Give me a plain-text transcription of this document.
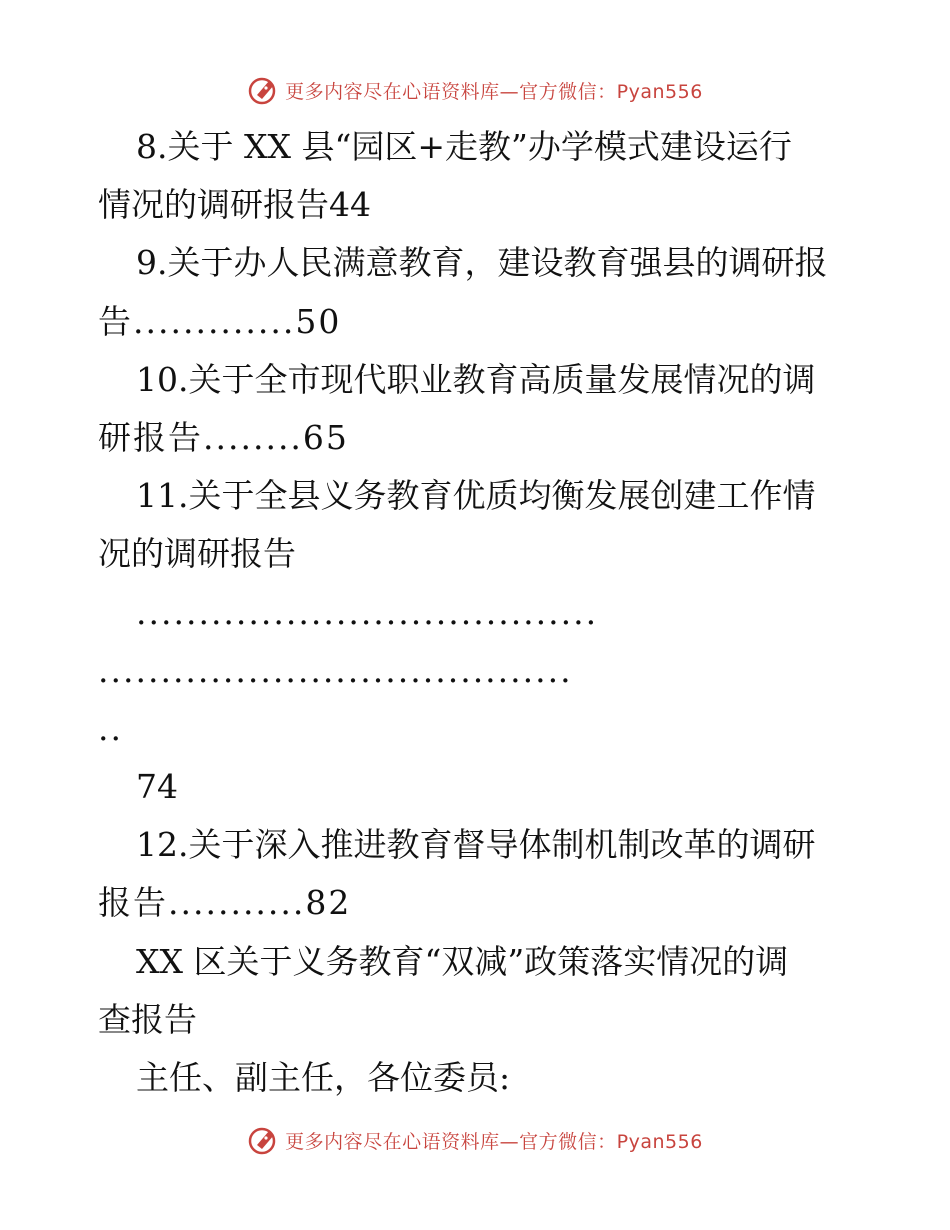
更多内容尽在心语资料库—官方微信：Pyan556
8.关于 XX 县“园区+走教”办学模式建设运行
情况的调研报告44
9.关于办人民满意教育，建设教育强县的调研报
告.............50
10.关于全市现代职业教育高质量发展情况的调
研报告........65
11.关于全县义务教育优质均衡发展创建工作情
况的调研报告
.....................................
......................................
..
74
12.关于深入推进教育督导体制机制改革的调研
报告...........82
XX 区关于义务教育“双减”政策落实情况的调
查报告
主任、副主任，各位委员:
更多内容尽在心语资料库—官方微信：Pyan556
